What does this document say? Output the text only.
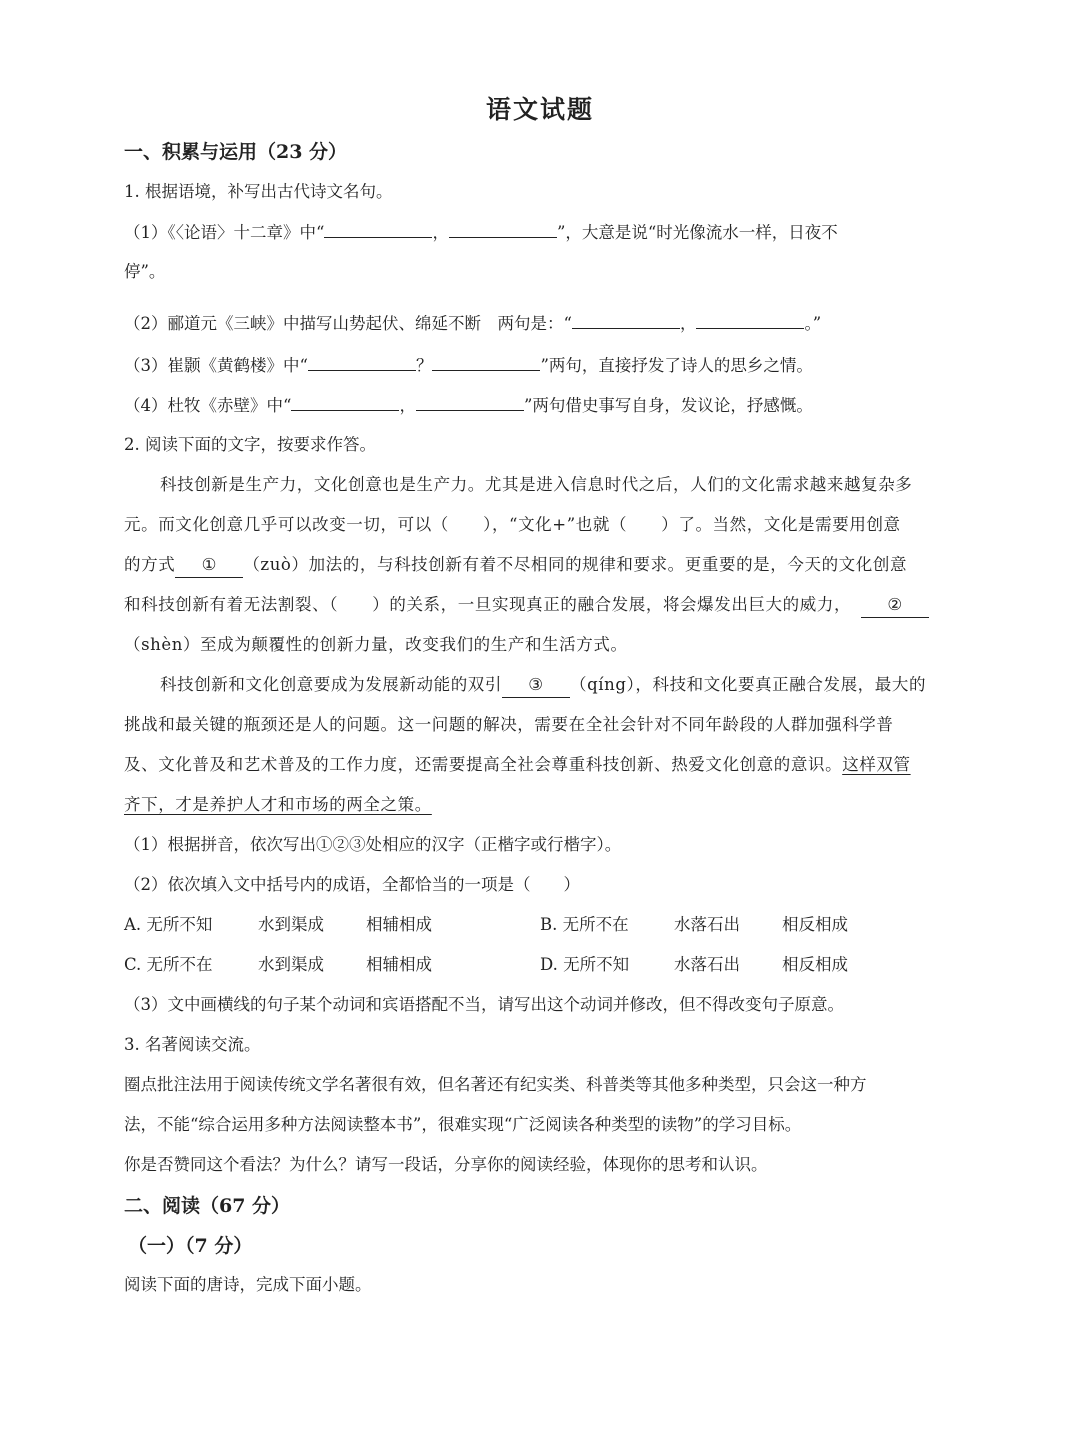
语文试题
一、积累与运用（23 分）
1. 根据语境，补写出古代诗文名句。
（1）《〈论语〉十二章》中“	，	”，大意是说“时光像流水一样，日夜不
停”。
（2）郦道元《三峡》中描写山势起伏、绵延不断　两句是：“	，	。”
（3）崔颢《黄鹤楼》中“	？	”两句，直接抒发了诗人的思乡之情。
（4）杜牧《赤壁》中“	，	”两句借史事写自身，发议论，抒感慨。
2. 阅读下面的文字，按要求作答。
科技创新是生产力，文化创意也是生产力。尤其是进入信息时代之后，人们的文化需求越来越复杂多
元。而文化创意几乎可以改变一切，可以（　　），“文化+”也就（　　）了。当然，文化是需要用创意
的方式 ① （zuò）加法的，与科技创新有着不尽相同的规律和要求。更重要的是，今天的文化创意
和科技创新有着无法割裂、（　　）的关系，一旦实现真正的融合发展，将会爆发出巨大的威力， ②
（shèn）至成为颠覆性的创新力量，改变我们的生产和生活方式。
科技创新和文化创意要成为发展新动能的双引 ③ （qíng），科技和文化要真正融合发展，最大的
挑战和最关键的瓶颈还是人的问题。这一问题的解决，需要在全社会针对不同年龄段的人群加强科学普
及、文化普及和艺术普及的工作力度，还需要提高全社会尊重科技创新、热爱文化创意的意识。这样双管
齐下，才是养护人才和市场的两全之策。
（1）根据拼音，依次写出①②③处相应的汉字（正楷字或行楷字）。
（2）依次填入文中括号内的成语，全都恰当的一项是（　　）
A. 无所不知	水到渠成	相辅相成	B. 无所不在	水落石出	相反相成
C. 无所不在	水到渠成	相辅相成	D. 无所不知	水落石出	相反相成
（3）文中画横线的句子某个动词和宾语搭配不当，请写出这个动词并修改，但不得改变句子原意。
3. 名著阅读交流。
圈点批注法用于阅读传统文学名著很有效，但名著还有纪实类、科普类等其他多种类型，只会这一种方
法，不能“综合运用多种方法阅读整本书”，很难实现“广泛阅读各种类型的读物”的学习目标。
你是否赞同这个看法？为什么？请写一段话，分享你的阅读经验，体现你的思考和认识。
二、阅读（67 分）
（一）（7 分）
阅读下面的唐诗，完成下面小题。
